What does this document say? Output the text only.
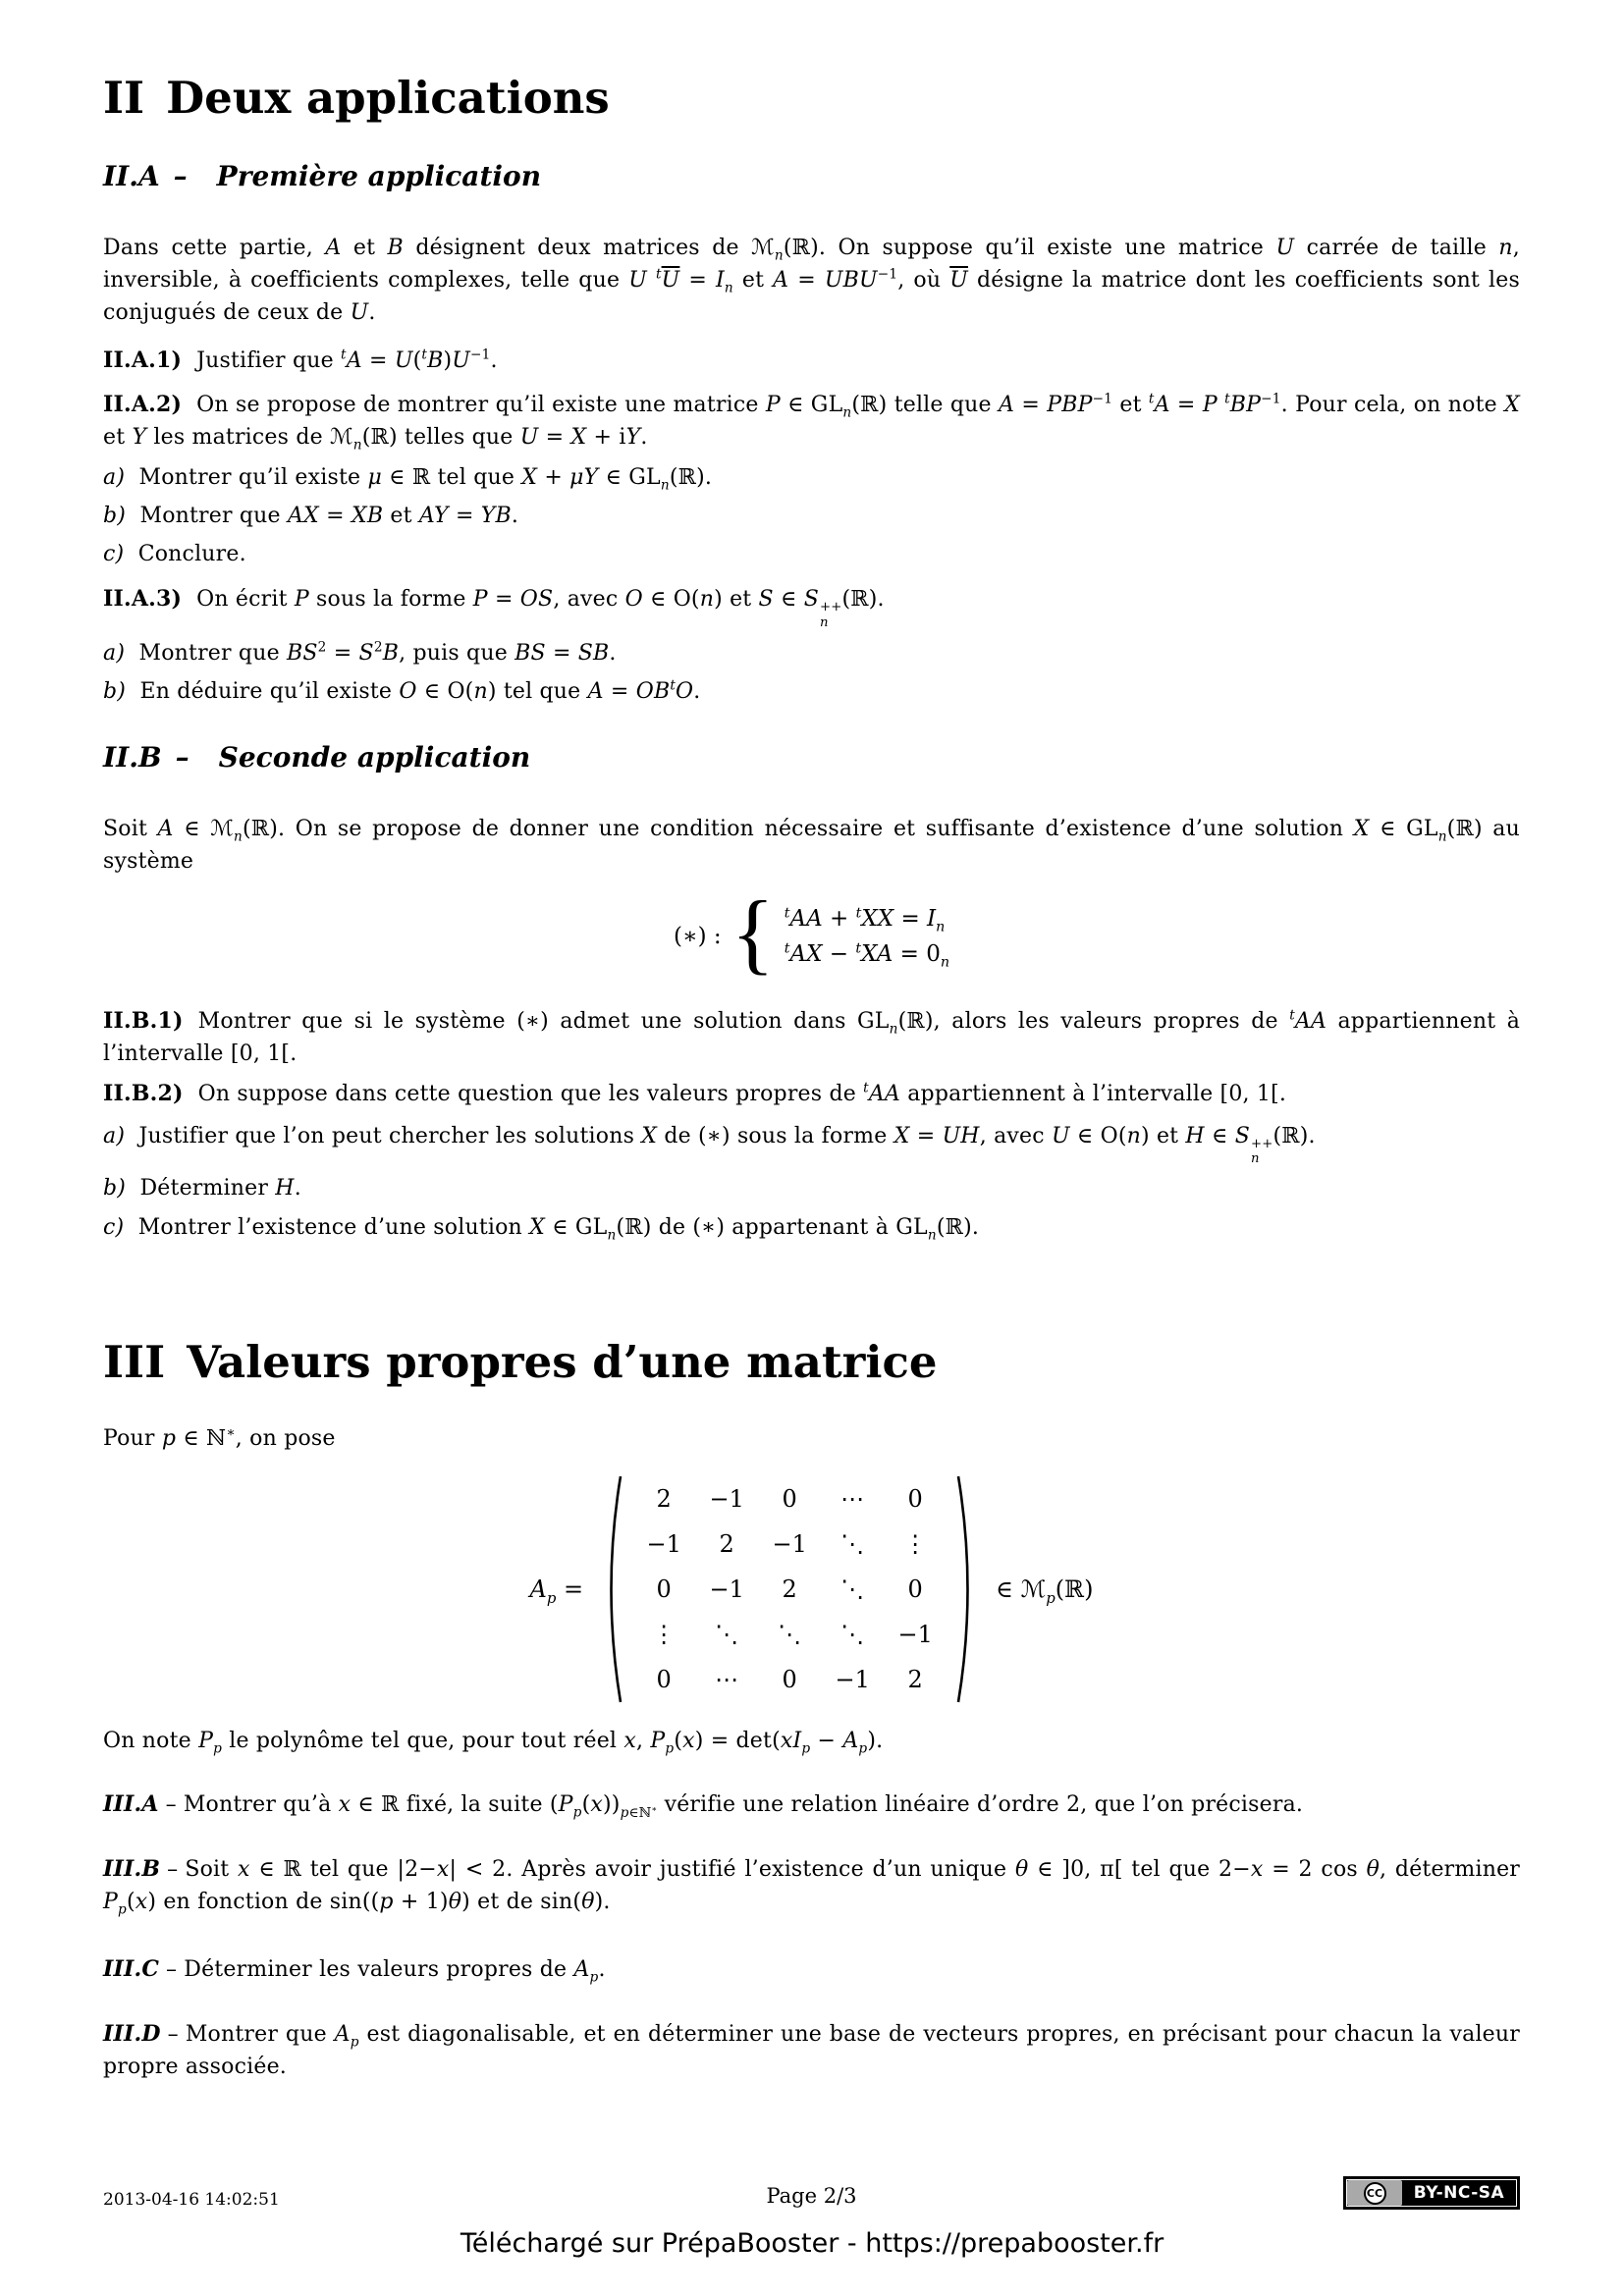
II Deux applications
II.A – Première application

Dans cette partie, A et B désignent deux matrices de ℳ$_n$(ℝ). On suppose qu’il existe une matrice U carrée de taille n, inversible, à coefficients complexes, telle que U $^t\overline{U} = I_n$ et $A = UBU^{-1}$, où $\overline{U}$ désigne la matrice dont les coefficients sont les conjugués de ceux de U.

II.A.1) Justifier que $^tA = U(^tB)U^{-1}$.

II.A.2) On se propose de montrer qu’il existe une matrice P ∈ $GL_n(ℝ)$ telle que $A = PBP^{-1}$ et $^t$A = P $^tBP^{-1}$. Pour cela, on note X et Y les matrices de ℳ$_n$(ℝ) telles que U = X + iY.

a)  Montrer qu’il existe μ ∈ ℝ tel que X + μY ∈ $GL_n(ℝ)$.

b)  Montrer que AX = XB et AY = YB.

c)  Conclure.

II.A.3) On écrit P sous la forme P = OS, avec O ∈ O(n) et S ∈ S ++
n
(ℝ).

a)  Montrer que $BS^2 = S^2B$, puis que BS = SB.

b)  En déduire qu’il existe O ∈ O(n) tel que $A = OB^tO$.

II.B – Seconde application

Soit A ∈ ℳ$_n$(ℝ). On se propose de donner une condition nécessaire et suffisante d’existence d’une solution X ∈ $GL_n(ℝ)$ au système

(∗) : { $^tAA + ^tXX = I_n$
$^tAX - ^tXA = 0_n$

II.B.1) Montrer que si le système (∗) admet une solution dans $GL_n(ℝ)$, alors les valeurs propres de $^t$AA appartiennent à l’intervalle [0, 1[.

II.B.2) On suppose dans cette question que les valeurs propres de $^t$AA appartiennent à l’intervalle [0, 1[.

a)  Justifier que l’on peut chercher les solutions X de (∗) sous la forme X = UH, avec U ∈ O(n) et H ∈ S ++
n
(ℝ).

b)  Déterminer H.

c)  Montrer l’existence d’une solution X ∈ $GL_n(ℝ)$ de (∗) appartenant à $GL_n(ℝ)$.

III Valeurs propres d’une matrice

Pour p ∈ ℕ∗, on pose

$A_p$ =
2 −1 0 ⋯ 0
−1 2 −1 ⋱ ⋮
0 −1 2 ⋱ 0
⋮ ⋱ ⋱ ⋱ −1
0 ⋯ 0 −1 2
∈ ℳ$_p$(ℝ)

On note $P_p$ le polynôme tel que, pour tout réel x, $P_p(x) = \det(xI_p - A_p)$.

III.A – Montrer qu’à x ∈ ℝ fixé, la suite $(P_p(x))_{p\in ℕ^∗}$ vérifie une relation linéaire d’ordre 2, que l’on précisera.

III.B – Soit x ∈ ℝ tel que |2−x| < 2. Après avoir justifié l’existence d’un unique θ ∈ ]0, π[ tel que 2−x = 2 cos θ, déterminer $P_p(x)$ en fonction de sin((p + 1)θ) et de sin(θ).

III.C – Déterminer les valeurs propres de $A_p$.

III.D – Montrer que $A_p$ est diagonalisable, et en déterminer une base de vecteurs propres, en précisant pour chacun la valeur propre associée.

2013-04-16 14:02:51	Page 2/3	CC	BY-NC-SA
Téléchargé sur PrépaBooster - https://prepabooster.fr
